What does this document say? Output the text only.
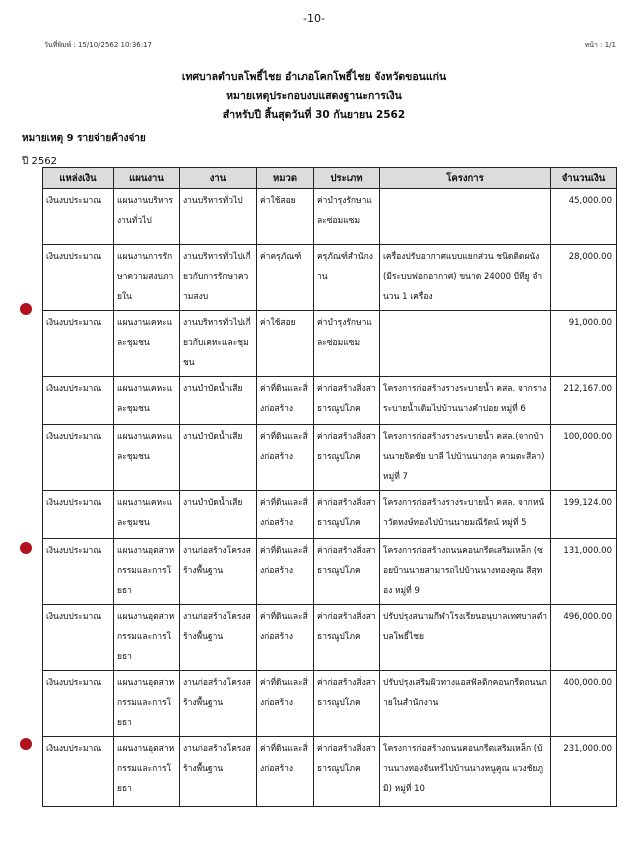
-10-
วันที่พิมพ์ : 15/10/2562 10:36:17	หน้า : 1/1
เทศบาลตำบลโพธิ์ไชย อำเภอโคกโพธิ์ไชย จังหวัดขอนแก่น
หมายเหตุประกอบงบแสดงฐานะการเงิน
สำหรับปี สิ้นสุดวันที่ 30 กันยายน 2562
หมายเหตุ 9 รายจ่ายค้างจ่าย
ปี 2562
แหล่งเงิน	แผนงาน	งาน	หมวด	ประเภท	โครงการ	จำนวนเงิน
เงินงบประมาณ	แผนงานบริหารงานทั่วไป	งานบริหารทั่วไป	ค่าใช้สอย	ค่าบำรุงรักษาและซ่อมแซม		45,000.00
เงินงบประมาณ	แผนงานการรักษาความสงบภายใน	งานบริหารทั่วไปเกี่ยวกับการรักษาความสงบ	ค่าครุภัณฑ์	ครุภัณฑ์สำนักงาน	เครื่องปรับอากาศแบบแยกส่วน ชนิดติดผนัง (มีระบบฟอกอากาศ) ขนาด 24000 บีทียู จำนวน 1 เครื่อง	28,000.00
เงินงบประมาณ	แผนงานเคหะและชุมชน	งานบริหารทั่วไปเกี่ยวกับเคหะและชุมชน	ค่าใช้สอย	ค่าบำรุงรักษาและซ่อมแซม		91,000.00
เงินงบประมาณ	แผนงานเคหะและชุมชน	งานบำบัดน้ำเสีย	ค่าที่ดินและสิ่งก่อสร้าง	ค่าก่อสร้างสิ่งสาธารณูปโภค	โครงการก่อสร้างรางระบายน้ำ คสล. จากรางระบายน้ำเดิมไปบ้านนางคำปอย หมู่ที่ 6	212,167.00
เงินงบประมาณ	แผนงานเคหะและชุมชน	งานบำบัดน้ำเสีย	ค่าที่ดินและสิ่งก่อสร้าง	ค่าก่อสร้างสิ่งสาธารณูปโภค	โครงการก่อสร้างรางระบายน้ำ คสล.(จากบ้านนายจิตชัย บาลี ไปบ้านนางกุล คามตะสีลา) หมู่ที่ 7	100,000.00
เงินงบประมาณ	แผนงานเคหะและชุมชน	งานบำบัดน้ำเสีย	ค่าที่ดินและสิ่งก่อสร้าง	ค่าก่อสร้างสิ่งสาธารณูปโภค	โครงการก่อสร้างรางระบายน้ำ คสล. จากหน้าวัดทงษ์ทองไปบ้านนายมณีรัตน์ หมู่ที่ 5	199,124.00
เงินงบประมาณ	แผนงานอุตสาหกรรมและการโยธา	งานก่อสร้างโครงสร้างพื้นฐาน	ค่าที่ดินและสิ่งก่อสร้าง	ค่าก่อสร้างสิ่งสาธารณูปโภค	โครงการก่อสร้างถนนคอนกรีตเสริมเหล็ก (ซอยบ้านนายสามารถไปบ้านนางทองคูณ สีสุทอง หมู่ที่ 9	131,000.00
เงินงบประมาณ	แผนงานอุตสาหกรรมและการโยธา	งานก่อสร้างโครงสร้างพื้นฐาน	ค่าที่ดินและสิ่งก่อสร้าง	ค่าก่อสร้างสิ่งสาธารณูปโภค	ปรับปรุงสนามกีฬาโรงเรียนอนุบาลเทศบาลตำบลโพธิ์ไชย	496,000.00
เงินงบประมาณ	แผนงานอุตสาหกรรมและการโยธา	งานก่อสร้างโครงสร้างพื้นฐาน	ค่าที่ดินและสิ่งก่อสร้าง	ค่าก่อสร้างสิ่งสาธารณูปโภค	ปรับปรุงเสริมผิวทางแอสฟัลติกคอนกรีตถนนภายในสำนักงาน	400,000.00
เงินงบประมาณ	แผนงานอุตสาหกรรมและการโยธา	งานก่อสร้างโครงสร้างพื้นฐาน	ค่าที่ดินและสิ่งก่อสร้าง	ค่าก่อสร้างสิ่งสาธารณูปโภค	โครงการก่อสร้างถนนคอนกรีตเสริมเหล็ก (บ้านนางทองจันทร์ไปบ้านนางหนูคูณ แวงชัยภูมิ) หมู่ที่ 10	231,000.00
